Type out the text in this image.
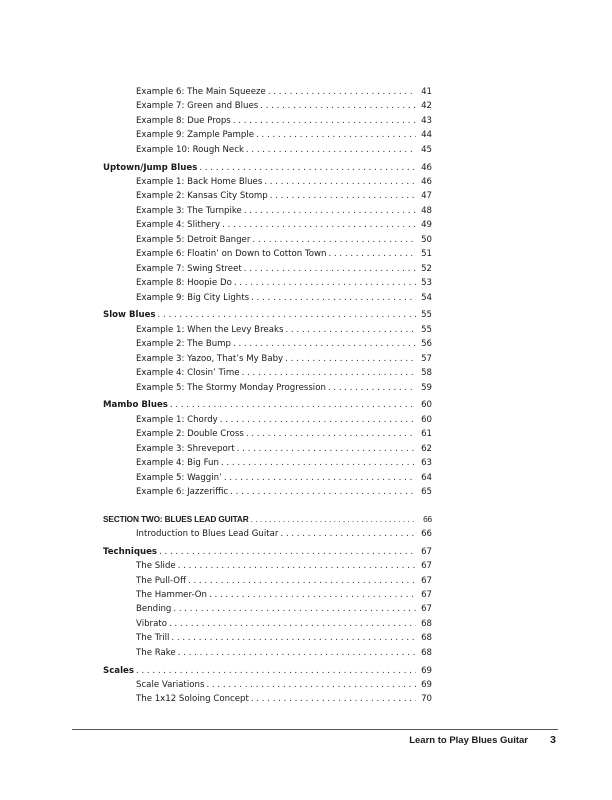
Example 6: The Main Squeeze . . .	41
Example 7: Green and Blues . . .	42
Example 8: Due Props . . .	43
Example 9: Zample Pample . . .	44
Example 10: Rough Neck . . .	45
Uptown/Jump Blues . . .	46
Example 1: Back Home Blues . . .	46
Example 2: Kansas City Stomp . . .	47
Example 3: The Turnpike . . .	48
Example 4: Slithery . . .	49
Example 5: Detroit Banger . . .	50
Example 6: Floatin’ on Down to Cotton Town . . .	51
Example 7: Swing Street . . .	52
Example 8: Hoopie Do . . .	53
Example 9: Big City Lights . . .	54
Slow Blues . . .	55
Example 1: When the Levy Breaks . . .	55
Example 2: The Bump . . .	56
Example 3: Yazoo, That’s My Baby . . .	57
Example 4: Closin’ Time . . .	58
Example 5: The Stormy Monday Progression . . .	59
Mambo Blues . . .	60
Example 1: Chordy . . .	60
Example 2: Double Cross . . .	61
Example 3: Shreveport . . .	62
Example 4: Big Fun . . .	63
Example 5: Waggin’ . . .	64
Example 6: Jazzeriffic . . .	65
SECTION TWO: BLUES LEAD GUITAR . . .	66
Introduction to Blues Lead Guitar . . .	66
Techniques . . .	67
The Slide . . .	67
The Pull-Off . . .	67
The Hammer-On . . .	67
Bending . . .	67
Vibrato . . .	68
The Trill . . .	68
The Rake . . .	68
Scales . . .	69
Scale Variations . . .	69
The 1x12 Soloing Concept . . .	70
Learn to Play Blues Guitar 3
